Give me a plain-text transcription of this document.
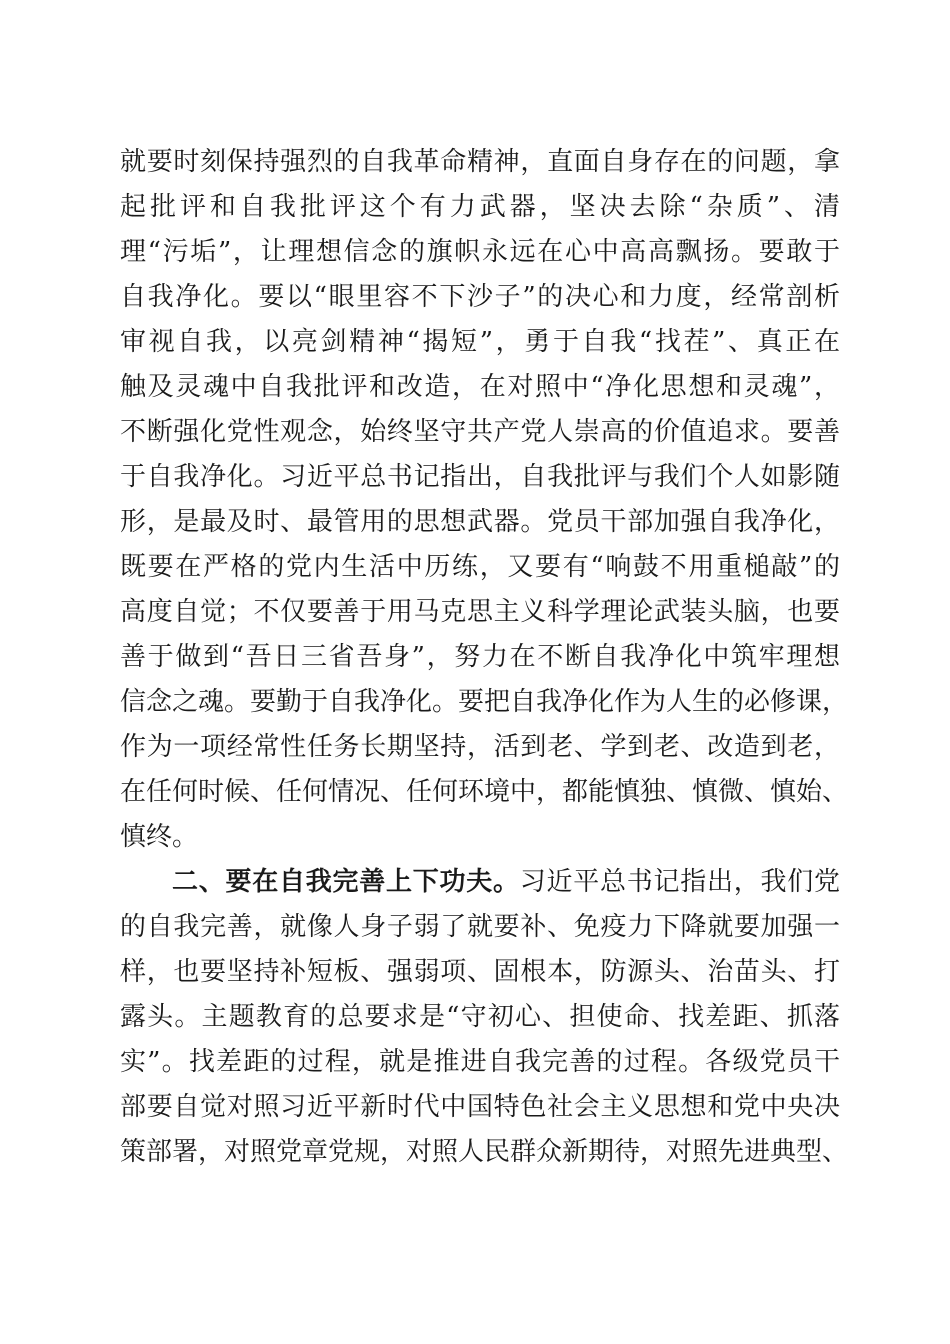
就要时刻保持强烈的自我革命精神，直面自身存在的问题，拿
起批评和自我批评这个有力武器，坚决去除“杂质”、清
理“污垢”，让理想信念的旗帜永远在心中高高飘扬。要敢于
自我净化。要以“眼里容不下沙子”的决心和力度，经常剖析
审视自我，以亮剑精神“揭短”，勇于自我“找茬”、真正在
触及灵魂中自我批评和改造，在对照中“净化思想和灵魂”，
不断强化党性观念，始终坚守共产党人崇高的价值追求。要善
于自我净化。习近平总书记指出，自我批评与我们个人如影随
形，是最及时、最管用的思想武器。党员干部加强自我净化，
既要在严格的党内生活中历练，又要有“响鼓不用重槌敲”的
高度自觉；不仅要善于用马克思主义科学理论武装头脑，也要
善于做到“吾日三省吾身”，努力在不断自我净化中筑牢理想
信念之魂。要勤于自我净化。要把自我净化作为人生的必修课，
作为一项经常性任务长期坚持，活到老、学到老、改造到老，
在任何时候、任何情况、任何环境中，都能慎独、慎微、慎始、
慎终。
二、要在自我完善上下功夫。习近平总书记指出，我们党
的自我完善，就像人身子弱了就要补、免疫力下降就要加强一
样，也要坚持补短板、强弱项、固根本，防源头、治苗头、打
露头。主题教育的总要求是“守初心、担使命、找差距、抓落
实”。找差距的过程，就是推进自我完善的过程。各级党员干
部要自觉对照习近平新时代中国特色社会主义思想和党中央决
策部署，对照党章党规，对照人民群众新期待，对照先进典型、
